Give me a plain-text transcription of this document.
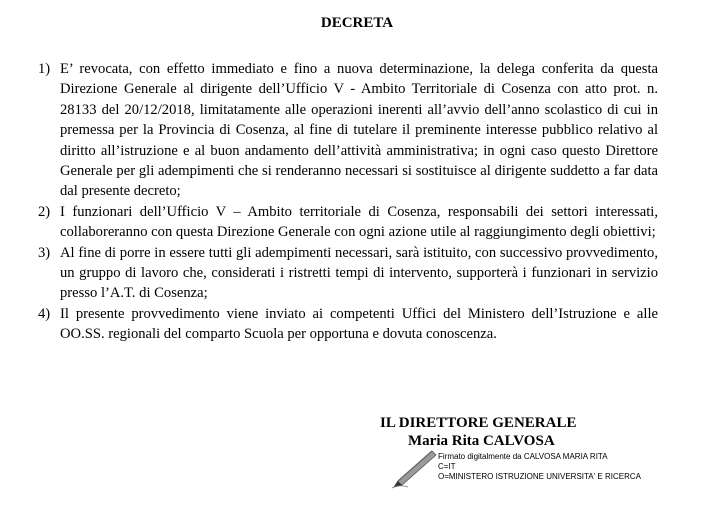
DECRETA
1) E’ revocata, con effetto immediato e fino a nuova determinazione, la delega conferita da questa Direzione Generale al dirigente dell’Ufficio V - Ambito Territoriale di Cosenza con atto prot. n. 28133 del 20/12/2018, limitatamente alle operazioni inerenti all’avvio dell’anno scolastico di cui in premessa per la Provincia di Cosenza, al fine di tutelare il preminente interesse pubblico relativo al diritto all’istruzione e al buon andamento dell’attività amministrativa; in ogni caso questo Direttore Generale per gli adempimenti che si renderanno necessari si sostituisce al dirigente suddetto a far data dal presente decreto;
2) I funzionari dell’Ufficio V – Ambito territoriale di Cosenza, responsabili dei settori interessati, collaboreranno con questa Direzione Generale con ogni azione utile al raggiungimento degli obiettivi;
3) Al fine di porre in essere tutti gli adempimenti necessari, sarà istituito, con successivo provvedimento, un gruppo di lavoro che, considerati i ristretti tempi di intervento, supporterà i funzionari in servizio presso l’A.T. di Cosenza;
4) Il presente provvedimento viene inviato ai competenti Uffici del Ministero dell’Istruzione e alle OO.SS. regionali del comparto Scuola per opportuna e dovuta conoscenza.
IL DIRETTORE GENERALE
Maria Rita CALVOSA
Firmato digitalmente da CALVOSA MARIA RITA
C=IT
O=MINISTERO ISTRUZIONE UNIVERSITA' E RICERCA
